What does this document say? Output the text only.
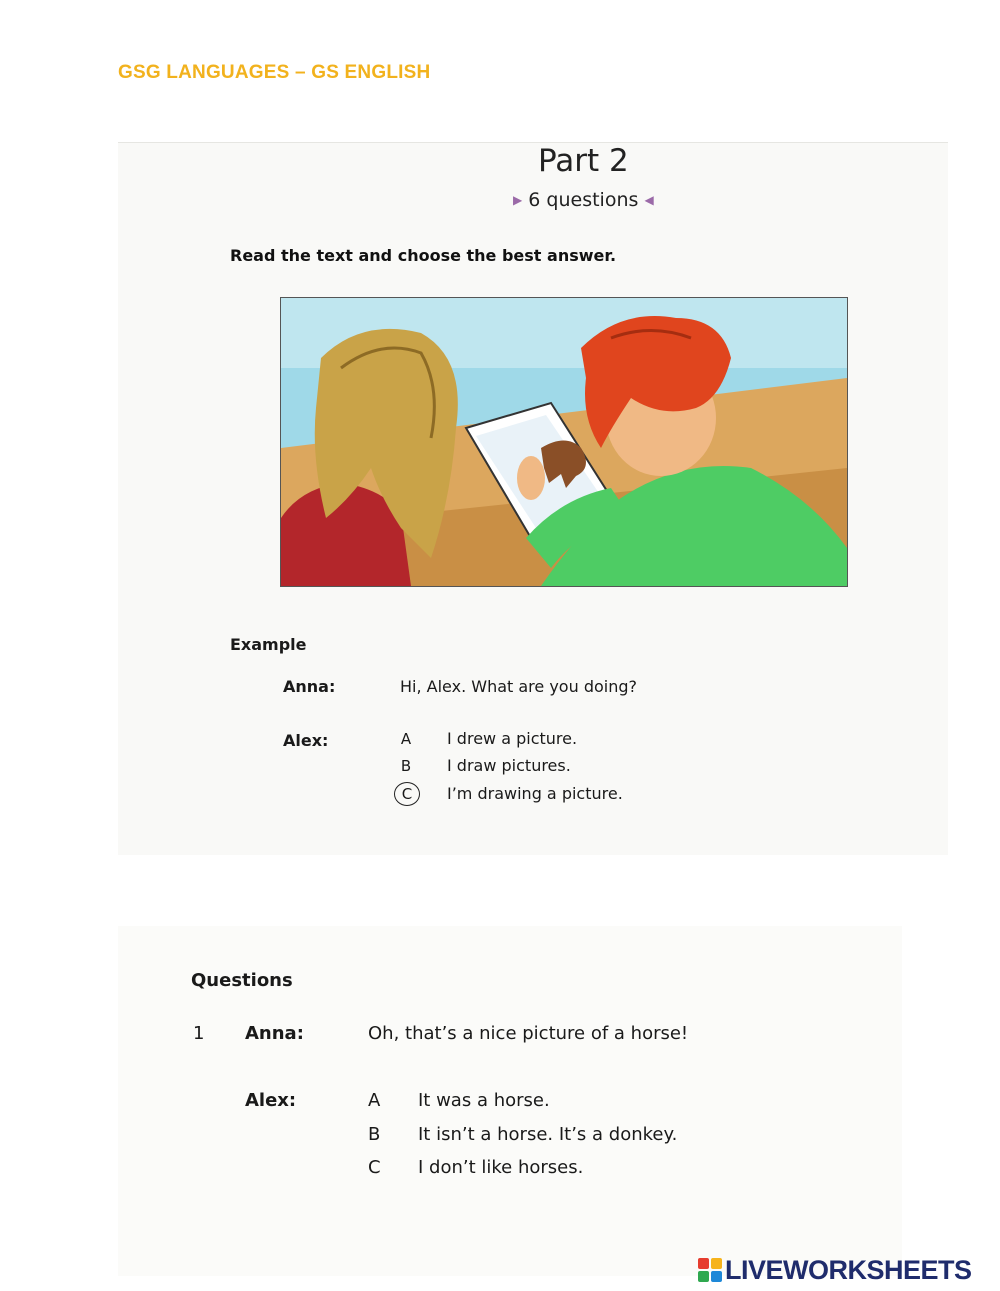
GSG LANGUAGES – GS ENGLISH
Part 2
▶ 6 questions ◀
Read the text and choose the best answer.
Example
Anna:	Hi, Alex. What are you doing?
Alex:	A	I drew a picture.
B	I draw pictures.
C	I’m drawing a picture.
Questions
1 Anna:	Oh, that’s a nice picture of a horse!
Alex:	A It was a horse.
B It isn’t a horse. It’s a donkey.
C I don’t like horses.
LIVEWORKSHEETS
